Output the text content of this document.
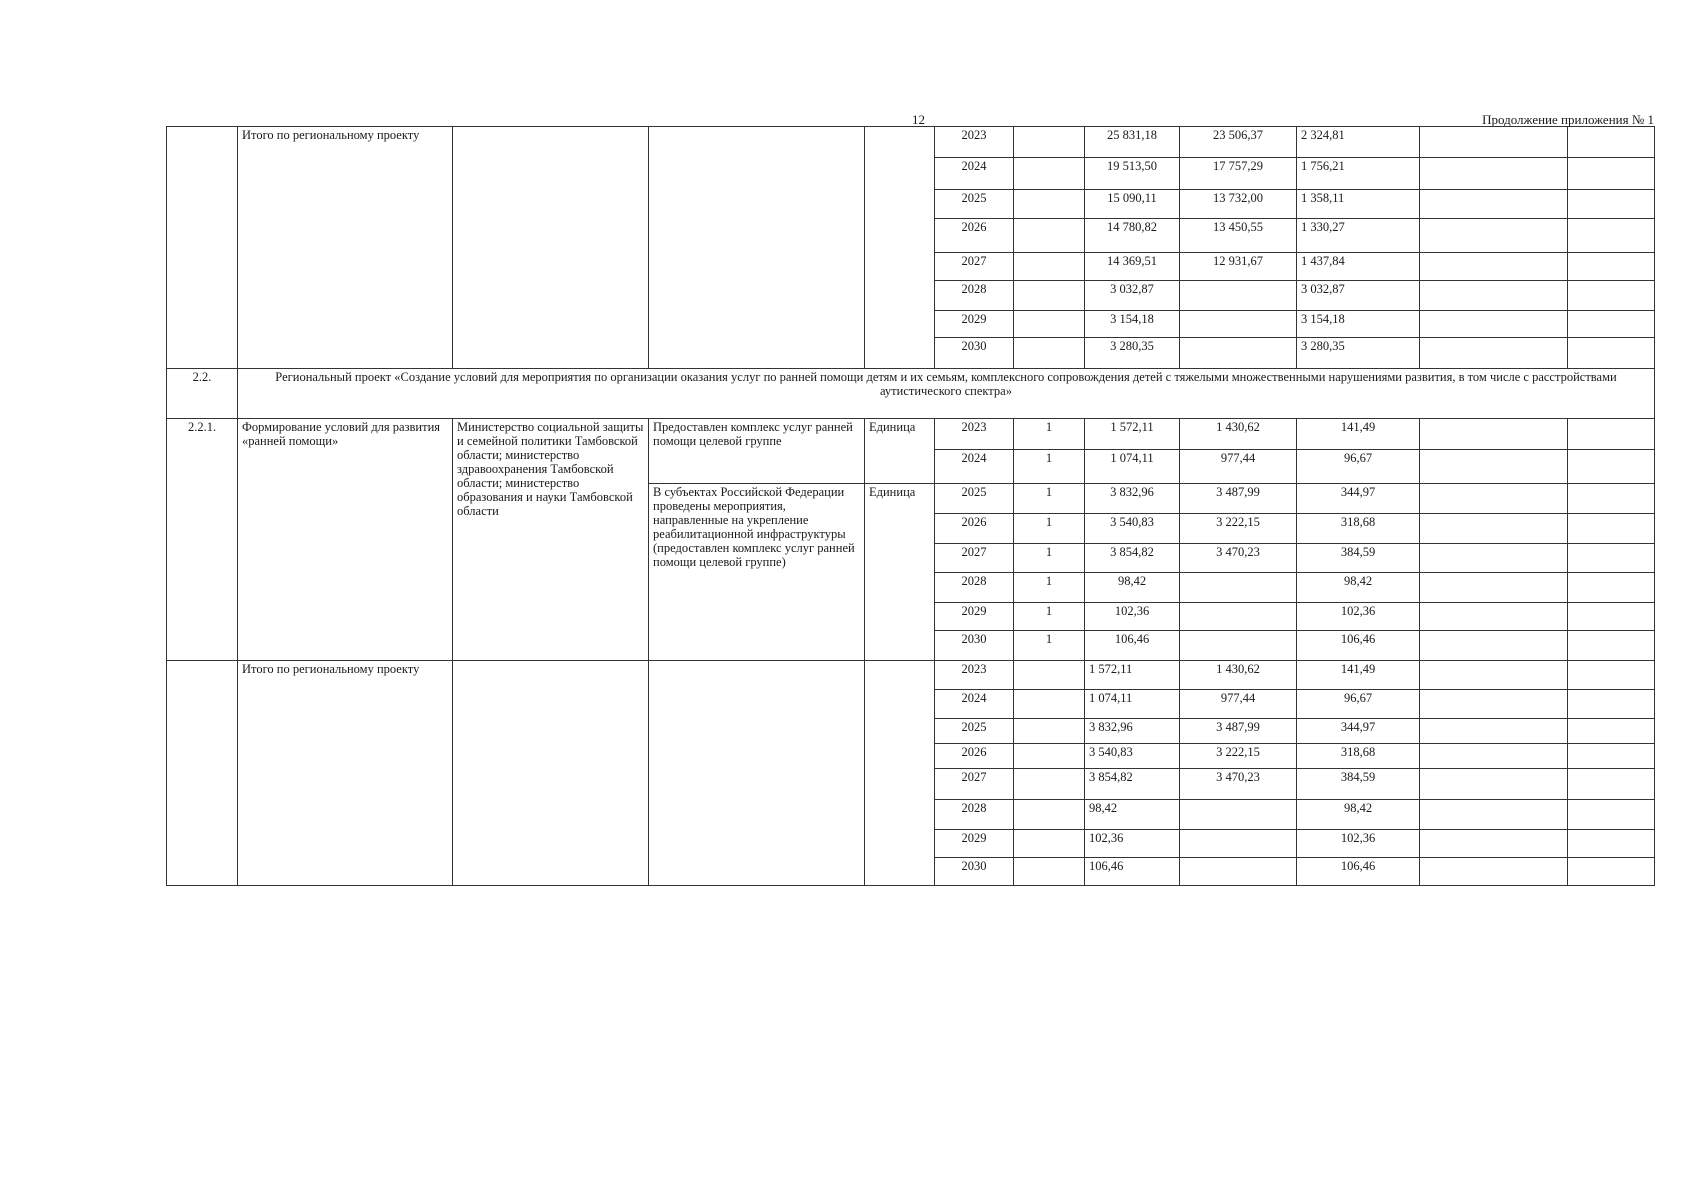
12	Продолжение приложения № 1
	Итого по региональному проекту				2023		25 831,18	23 506,37	2 324,81		
					2024		19 513,50	17 757,29	1 756,21		
					2025		15 090,11	13 732,00	1 358,11		
					2026		14 780,82	13 450,55	1 330,27		
					2027		14 369,51	12 931,67	1 437,84		
					2028		3 032,87		3 032,87		
					2029		3 154,18		3 154,18		
					2030		3 280,35		3 280,35		
2.2.	Региональный проект «Создание условий для мероприятия по организации оказания услуг по ранней помощи детям и их семьям, комплексного сопровождения детей с тяжелыми множественными нарушениями развития, в том числе с расстройствами аутистического спектра»										
2.2.1.	Формирование условий для развития «ранней помощи»	Министерство социальной защиты и семейной политики Тамбовской области; министерство здравоохранения Тамбовской области; министерство образования и науки Тамбовской области	Предоставлен комплекс услуг ранней помощи целевой группе	Единица	2023	1	1 572,11	1 430,62	141,49		
					2024	1	1 074,11	977,44	96,67		
			В субъектах Российской Федерации проведены мероприятия, направленные на укрепление реабилитационной инфраструктуры (предоставлен комплекс услуг ранней помощи целевой группе)	Единица	2025	1	3 832,96	3 487,99	344,97		
					2026	1	3 540,83	3 222,15	318,68		
					2027	1	3 854,82	3 470,23	384,59		
					2028	1	98,42		98,42		
					2029	1	102,36		102,36		
					2030	1	106,46		106,46		
	Итого по региональному проекту				2023		1 572,11	1 430,62	141,49		
					2024		1 074,11	977,44	96,67		
					2025		3 832,96	3 487,99	344,97		
					2026		3 540,83	3 222,15	318,68		
					2027		3 854,82	3 470,23	384,59		
					2028		98,42		98,42		
					2029		102,36		102,36		
					2030		106,46		106,46		
